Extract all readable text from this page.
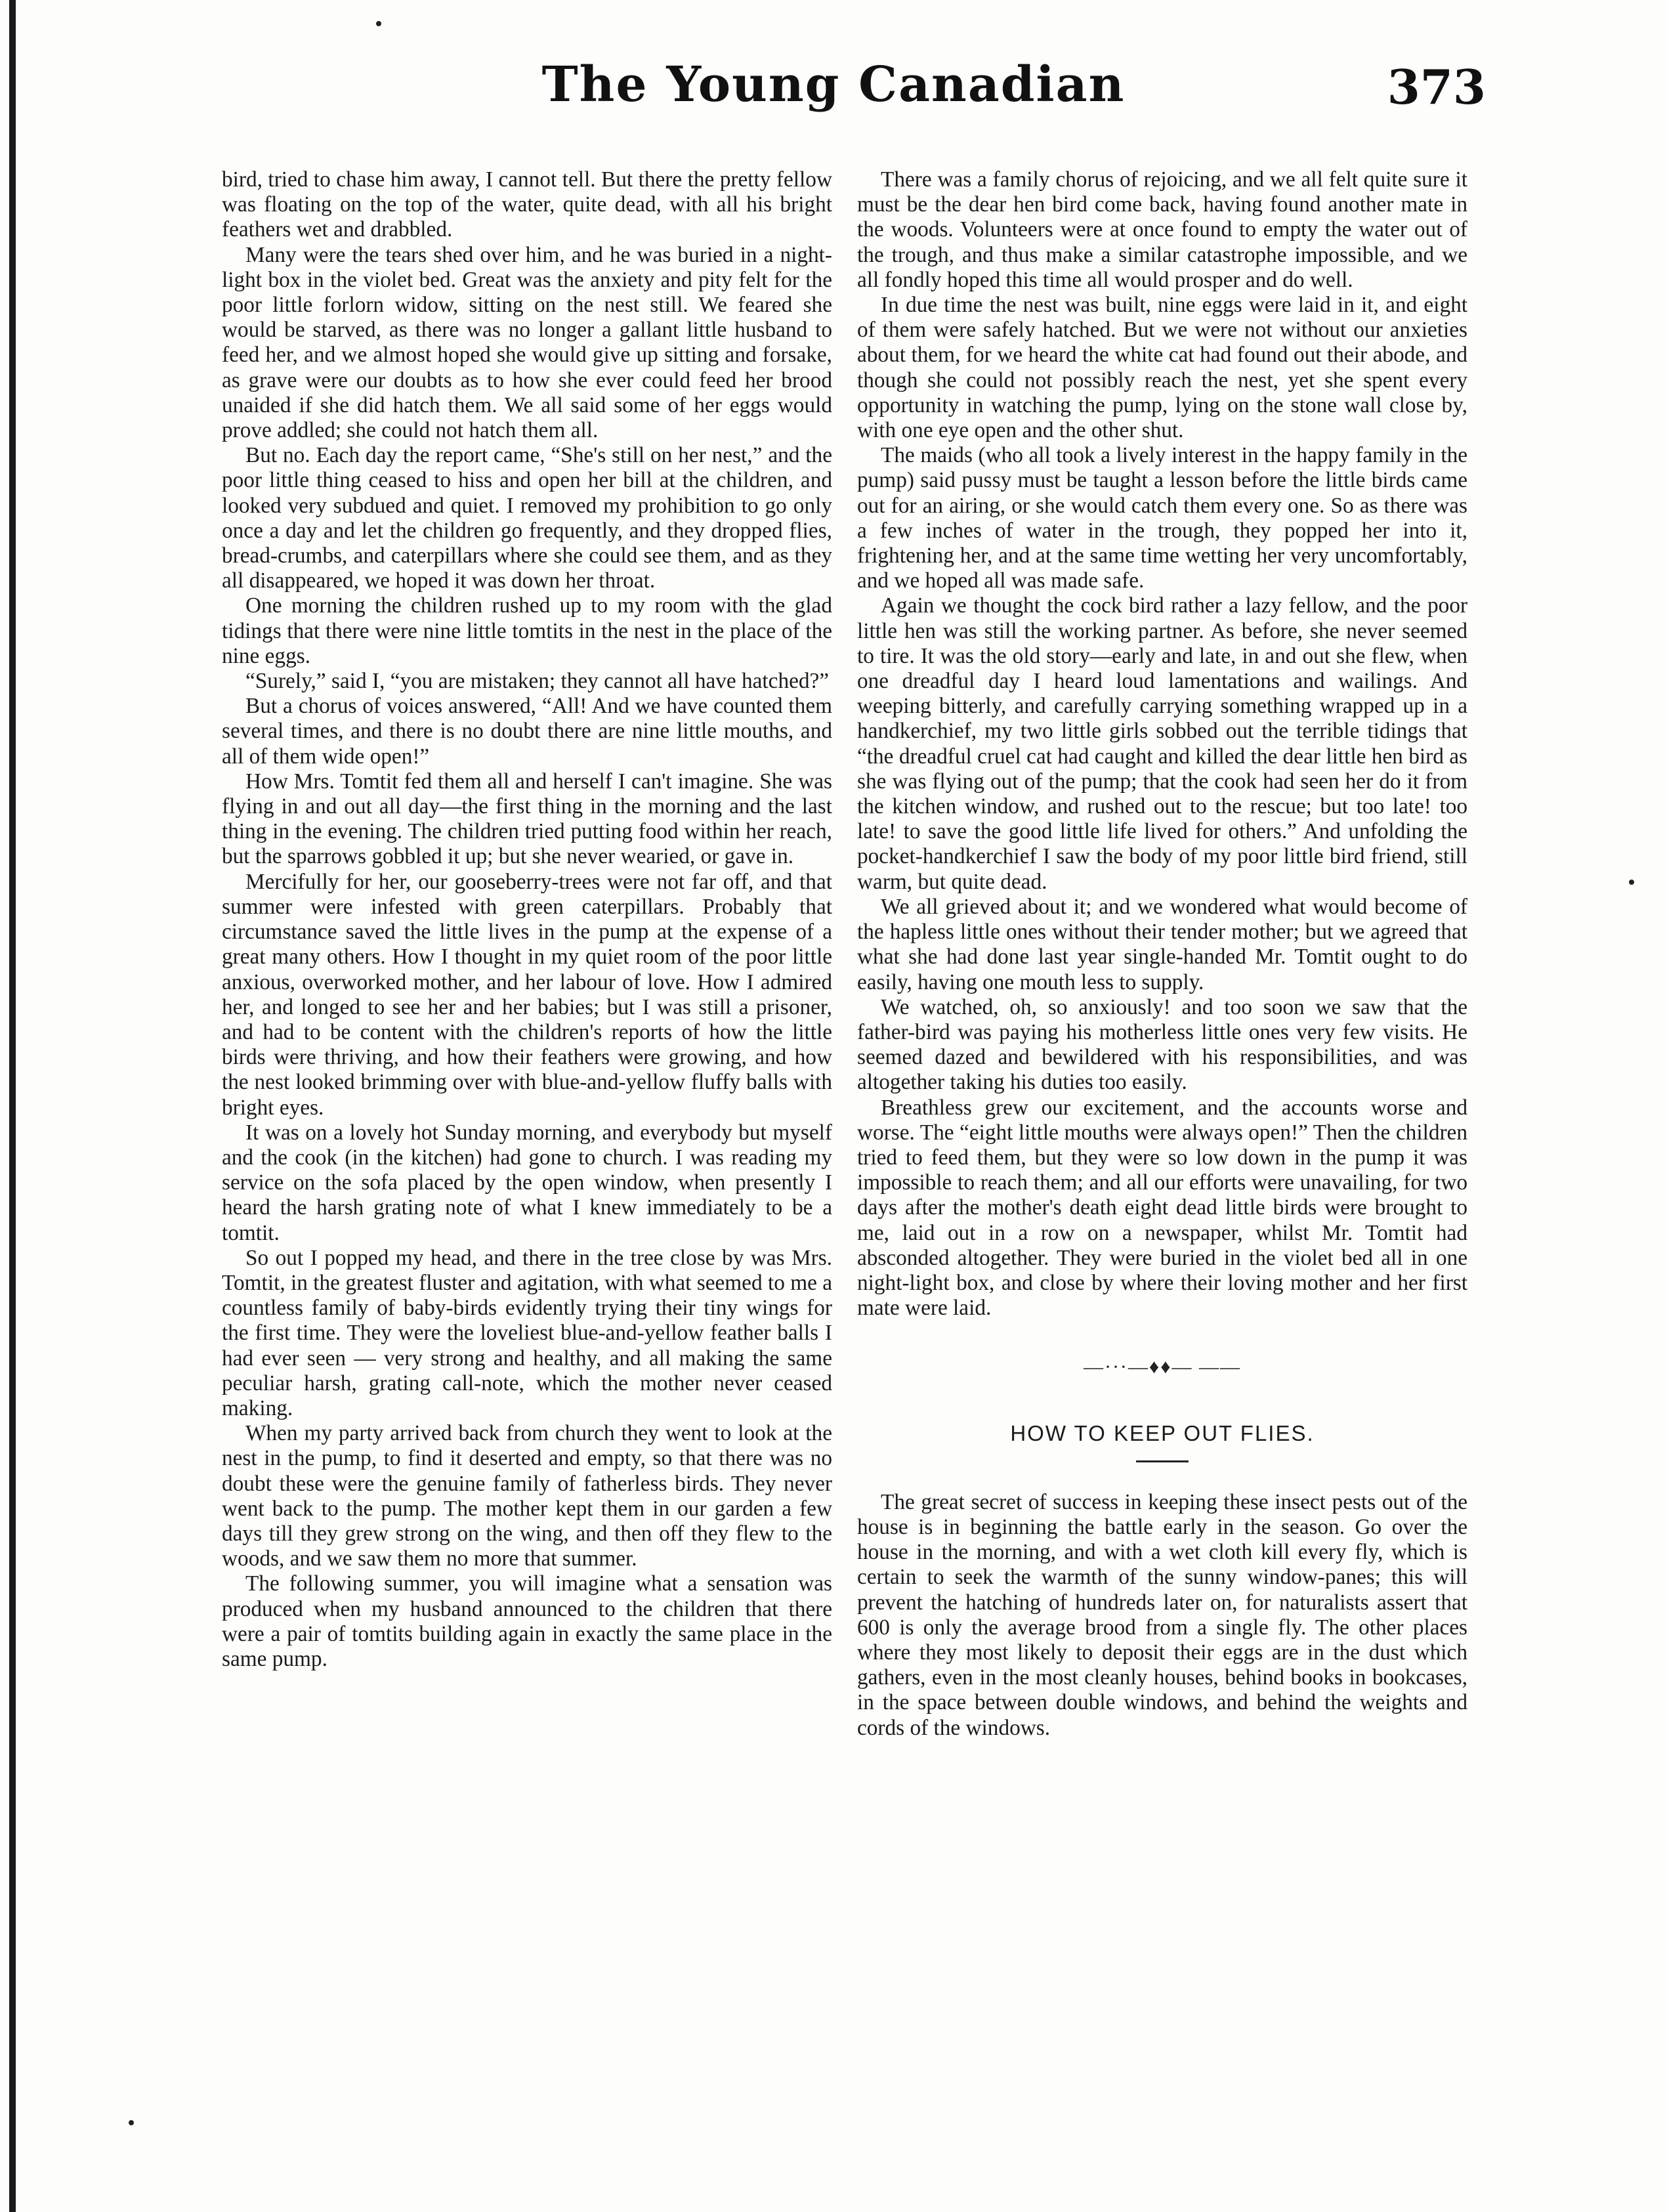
The Young Canadian	373

bird, tried to chase him away, I cannot tell. But there the pretty fellow was floating on the top of the water, quite dead, with all his bright feathers wet and drabbled.

Many were the tears shed over him, and he was buried in a night-light box in the violet bed. Great was the anxiety and pity felt for the poor little forlorn widow, sitting on the nest still. We feared she would be starved, as there was no longer a gallant little husband to feed her, and we almost hoped she would give up sitting and forsake, as grave were our doubts as to how she ever could feed her brood unaided if she did hatch them. We all said some of her eggs would prove addled; she could not hatch them all.

But no. Each day the report came, “She's still on her nest,” and the poor little thing ceased to hiss and open her bill at the children, and looked very subdued and quiet. I removed my prohibition to go only once a day and let the children go frequently, and they dropped flies, bread-crumbs, and caterpillars where she could see them, and as they all disappeared, we hoped it was down her throat.

One morning the children rushed up to my room with the glad tidings that there were nine little tomtits in the nest in the place of the nine eggs.

“Surely,” said I, “you are mistaken; they cannot all have hatched?”

But a chorus of voices answered, “All! And we have counted them several times, and there is no doubt there are nine little mouths, and all of them wide open!”

How Mrs. Tomtit fed them all and herself I can't imagine. She was flying in and out all day—the first thing in the morning and the last thing in the evening. The children tried putting food within her reach, but the sparrows gobbled it up; but she never wearied, or gave in.

Mercifully for her, our gooseberry-trees were not far off, and that summer were infested with green caterpillars. Probably that circumstance saved the little lives in the pump at the expense of a great many others. How I thought in my quiet room of the poor little anxious, overworked mother, and her labour of love. How I admired her, and longed to see her and her babies; but I was still a prisoner, and had to be content with the children's reports of how the little birds were thriving, and how their feathers were growing, and how the nest looked brimming over with blue-and-yellow fluffy balls with bright eyes.

It was on a lovely hot Sunday morning, and everybody but myself and the cook (in the kitchen) had gone to church. I was reading my service on the sofa placed by the open window, when presently I heard the harsh grating note of what I knew immediately to be a tomtit.

So out I popped my head, and there in the tree close by was Mrs. Tomtit, in the greatest fluster and agitation, with what seemed to me a countless family of baby-birds evidently trying their tiny wings for the first time. They were the loveliest blue-and-yellow feather balls I had ever seen — very strong and healthy, and all making the same peculiar harsh, grating call-note, which the mother never ceased making.

When my party arrived back from church they went to look at the nest in the pump, to find it deserted and empty, so that there was no doubt these were the genuine family of fatherless birds. They never went back to the pump. The mother kept them in our garden a few days till they grew strong on the wing, and then off they flew to the woods, and we saw them no more that summer.

The following summer, you will imagine what a sensation was produced when my husband announced to the children that there were a pair of tomtits building again in exactly the same place in the same pump.

There was a family chorus of rejoicing, and we all felt quite sure it must be the dear hen bird come back, having found another mate in the woods. Volunteers were at once found to empty the water out of the trough, and thus make a similar catastrophe impossible, and we all fondly hoped this time all would prosper and do well.

In due time the nest was built, nine eggs were laid in it, and eight of them were safely hatched. But we were not without our anxieties about them, for we heard the white cat had found out their abode, and though she could not possibly reach the nest, yet she spent every opportunity in watching the pump, lying on the stone wall close by, with one eye open and the other shut.

The maids (who all took a lively interest in the happy family in the pump) said pussy must be taught a lesson before the little birds came out for an airing, or she would catch them every one. So as there was a few inches of water in the trough, they popped her into it, frightening her, and at the same time wetting her very uncomfortably, and we hoped all was made safe.

Again we thought the cock bird rather a lazy fellow, and the poor little hen was still the working partner. As before, she never seemed to tire. It was the old story—early and late, in and out she flew, when one dreadful day I heard loud lamentations and wailings. And weeping bitterly, and carefully carrying something wrapped up in a handkerchief, my two little girls sobbed out the terrible tidings that “the dreadful cruel cat had caught and killed the dear little hen bird as she was flying out of the pump; that the cook had seen her do it from the kitchen window, and rushed out to the rescue; but too late! too late! to save the good little life lived for others.” And unfolding the pocket-handkerchief I saw the body of my poor little bird friend, still warm, but quite dead.

We all grieved about it; and we wondered what would become of the hapless little ones without their tender mother; but we agreed that what she had done last year single-handed Mr. Tomtit ought to do easily, having one mouth less to supply.

We watched, oh, so anxiously! and too soon we saw that the father-bird was paying his motherless little ones very few visits. He seemed dazed and bewildered with his responsibilities, and was altogether taking his duties too easily.

Breathless grew our excitement, and the accounts worse and worse. The “eight little mouths were always open!” Then the children tried to feed them, but they were so low down in the pump it was impossible to reach them; and all our efforts were unavailing, for two days after the mother's death eight dead little birds were brought to me, laid out in a row on a newspaper, whilst Mr. Tomtit had absconded altogether. They were buried in the violet bed all in one night-light box, and close by where their loving mother and her first mate were laid.

—···—♦♦— ——
HOW TO KEEP OUT FLIES.

The great secret of success in keeping these insect pests out of the house is in beginning the battle early in the season. Go over the house in the morning, and with a wet cloth kill every fly, which is certain to seek the warmth of the sunny window-panes; this will prevent the hatching of hundreds later on, for naturalists assert that 600 is only the average brood from a single fly. The other places where they most likely to deposit their eggs are in the dust which gathers, even in the most cleanly houses, behind books in bookcases, in the space between double windows, and behind the weights and cords of the windows.
